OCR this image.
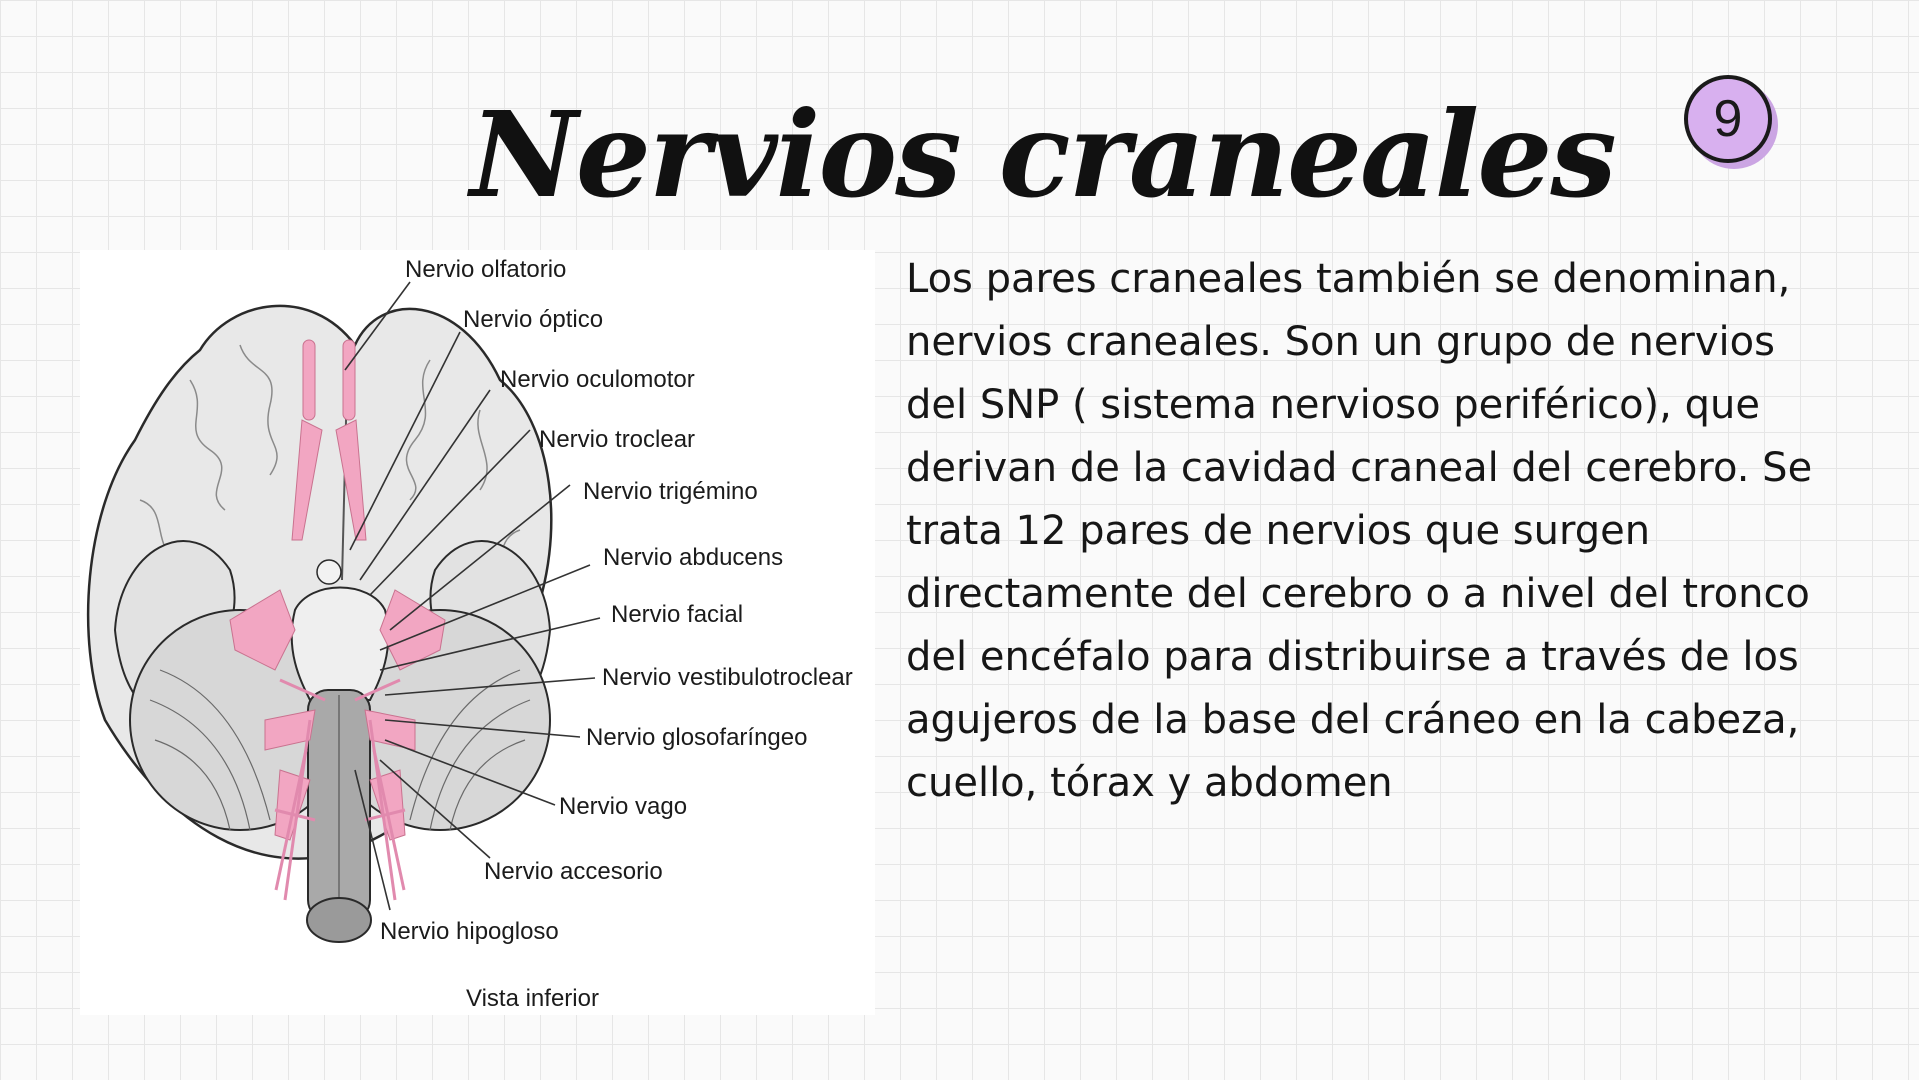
Nervios craneales 9
Nervio olfatorio
Nervio óptico
Nervio oculomotor
Nervio troclear
Nervio trigémino
Nervio abducens
Nervio facial
Nervio vestibulotroclear
Nervio glosofaríngeo
Nervio vago
Nervio accesorio
Nervio hipogloso
Vista inferior

Los pares craneales también se denominan, nervios craneales. Son un grupo de nervios del SNP ( sistema nervioso periférico), que derivan de la cavidad craneal del cerebro. Se trata 12 pares de nervios que surgen directamente del cerebro o a nivel del tronco del encéfalo para distribuirse a través de los agujeros de la base del cráneo en la cabeza, cuello, tórax y abdomen
